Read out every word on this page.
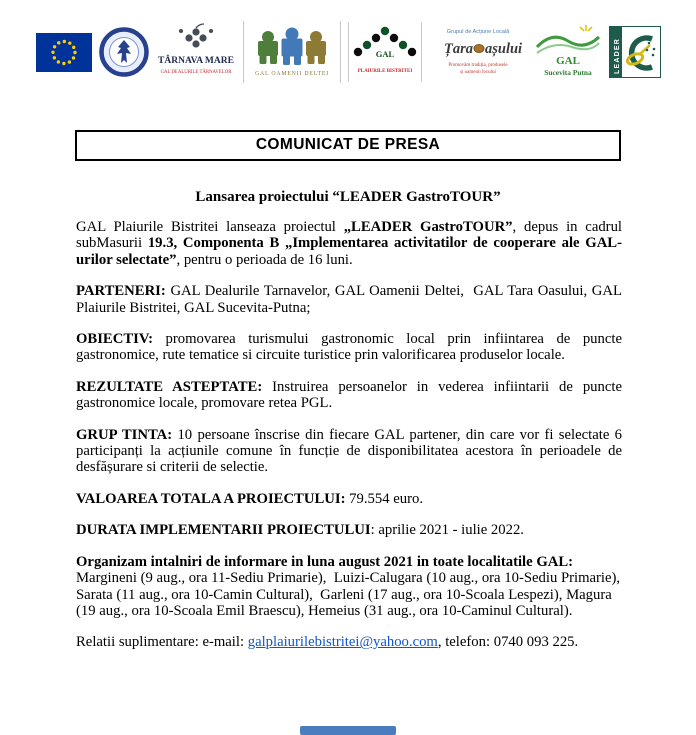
TÂRNAVA MARE
GAL DEALURILE TÂRNAVELOR	GAL OAMENII DELTEI
GAL
PLAIURILE BISTRITEI
Grupul de Acțiune Locală
Țara așului
Promovăm tradiția, produsele
și oamenii locului
GAL
Sucevita Putna	LEADER
COMUNICAT DE PRESA
Lansarea proiectului “LEADER GastroTOUR”

GAL Plaiurile Bistritei lanseaza proiectul „LEADER GastroTOUR”, depus in cadrul subMasurii 19.3, Componenta B „Implementarea activitatilor de cooperare ale GAL-urilor selectate”, pentru o perioada de 16 luni.

PARTENERI: GAL Dealurile Tarnavelor, GAL Oamenii Deltei,  GAL Tara Oasului, GAL Plaiurile Bistritei, GAL Sucevita-Putna;

OBIECTIV: promovarea turismului gastronomic local prin infiintarea de puncte gastronomice, rute tematice si circuite turistice prin valorificarea produselor locale.

REZULTATE ASTEPTATE: Instruirea persoanelor in vederea infiintarii de puncte gastronomice locale, promovare retea PGL.

GRUP TINTA: 10 persoane înscrise din fiecare GAL partener, din care vor fi selectate 6 participanți la acțiunile comune în funcție de disponibilitatea acestora în perioadele de desfășurare si criterii de selectie.

VALOAREA TOTALA A PROIECTULUI: 79.554 euro.

DURATA IMPLEMENTARII PROIECTULUI: aprilie 2021 - iulie 2022.

Organizam intalniri de informare in luna august 2021 in toate localitatile GAL: Margineni (9 aug., ora 11-Sediu Primarie),  Luizi-Calugara (10 aug., ora 10-Sediu Primarie),  Sarata (11 aug., ora 10-Camin Cultural),  Garleni (17 aug., ora 10-Scoala Lespezi), Magura (19 aug., ora 10-Scoala Emil Braescu), Hemeius (31 aug., ora 10-Caminul Cultural).

Relatii suplimentare: e-mail: galplaiurilebistritei@yahoo.com, telefon: 0740 093 225.
